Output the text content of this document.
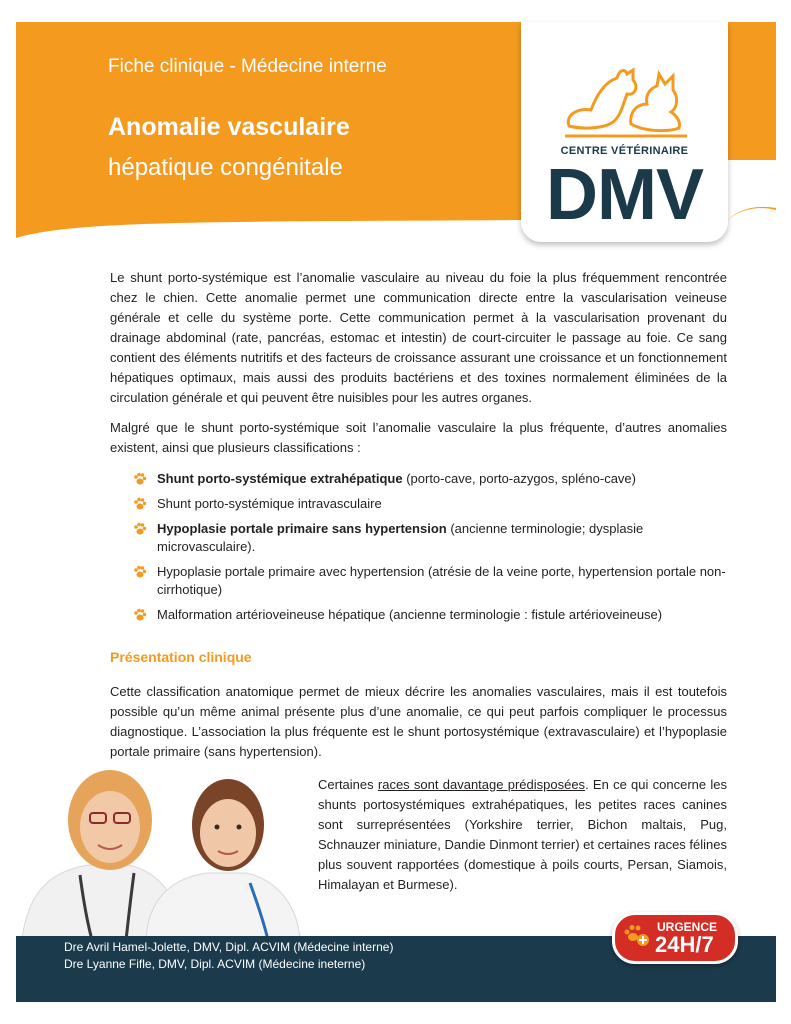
Fiche clinique - Médecine interne
Anomalie vasculaire
hépatique congénitale
CENTRE VÉTÉRINAIRE
DMV
Le shunt porto-systémique est l’anomalie vasculaire au niveau du foie la plus fréquemment rencontrée chez le chien. Cette anomalie permet une communication directe entre la vascularisation veineuse générale et celle du système porte. Cette communication permet à la vascularisation provenant du drainage abdominal (rate, pancréas, estomac et intestin) de court-circuiter le passage au foie. Ce sang contient des éléments nutritifs et des facteurs de croissance assurant une croissance et un fonctionnement hépatiques optimaux, mais aussi des produits bactériens et des toxines normalement éliminées de la circulation générale et qui peuvent être nuisibles pour les autres organes.
Malgré que le shunt porto-systémique soit l’anomalie vasculaire la plus fréquente, d’autres anomalies existent, ainsi que plusieurs classifications :
Shunt porto-systémique extrahépatique (porto-cave, porto-azygos, spléno-cave)
Shunt porto-systémique intravasculaire
Hypoplasie portale primaire sans hypertension (ancienne terminologie; dysplasie microvasculaire).
Hypoplasie portale primaire avec hypertension (atrésie de la veine porte, hypertension portale non-cirrhotique)
Malformation artérioveineuse hépatique (ancienne terminologie : fistule artérioveineuse)
Présentation clinique
Cette classification anatomique permet de mieux décrire les anomalies vasculaires, mais il est toutefois possible qu’un même animal présente plus d’une anomalie, ce qui peut parfois compliquer le processus diagnostique. L’association la plus fréquente est le shunt portosystémique (extravasculaire) et l’hypoplasie portale primaire (sans hypertension).
Certaines races sont davantage prédisposées. En ce qui concerne les shunts portosystémiques extrahépatiques, les petites races canines sont surreprésentées (Yorkshire terrier, Bichon maltais, Pug, Schnauzer miniature, Dandie Dinmont terrier) et certaines races félines plus souvent rapportées (domestique à poils courts, Persan, Siamois, Himalayan et Burmese).
Dre Avril Hamel-Jolette, DMV, Dipl. ACVIM (Médecine interne)
Dre Lyanne Fifle, DMV, Dipl. ACVIM (Médecine ineterne)
URGENCE
24H/7
